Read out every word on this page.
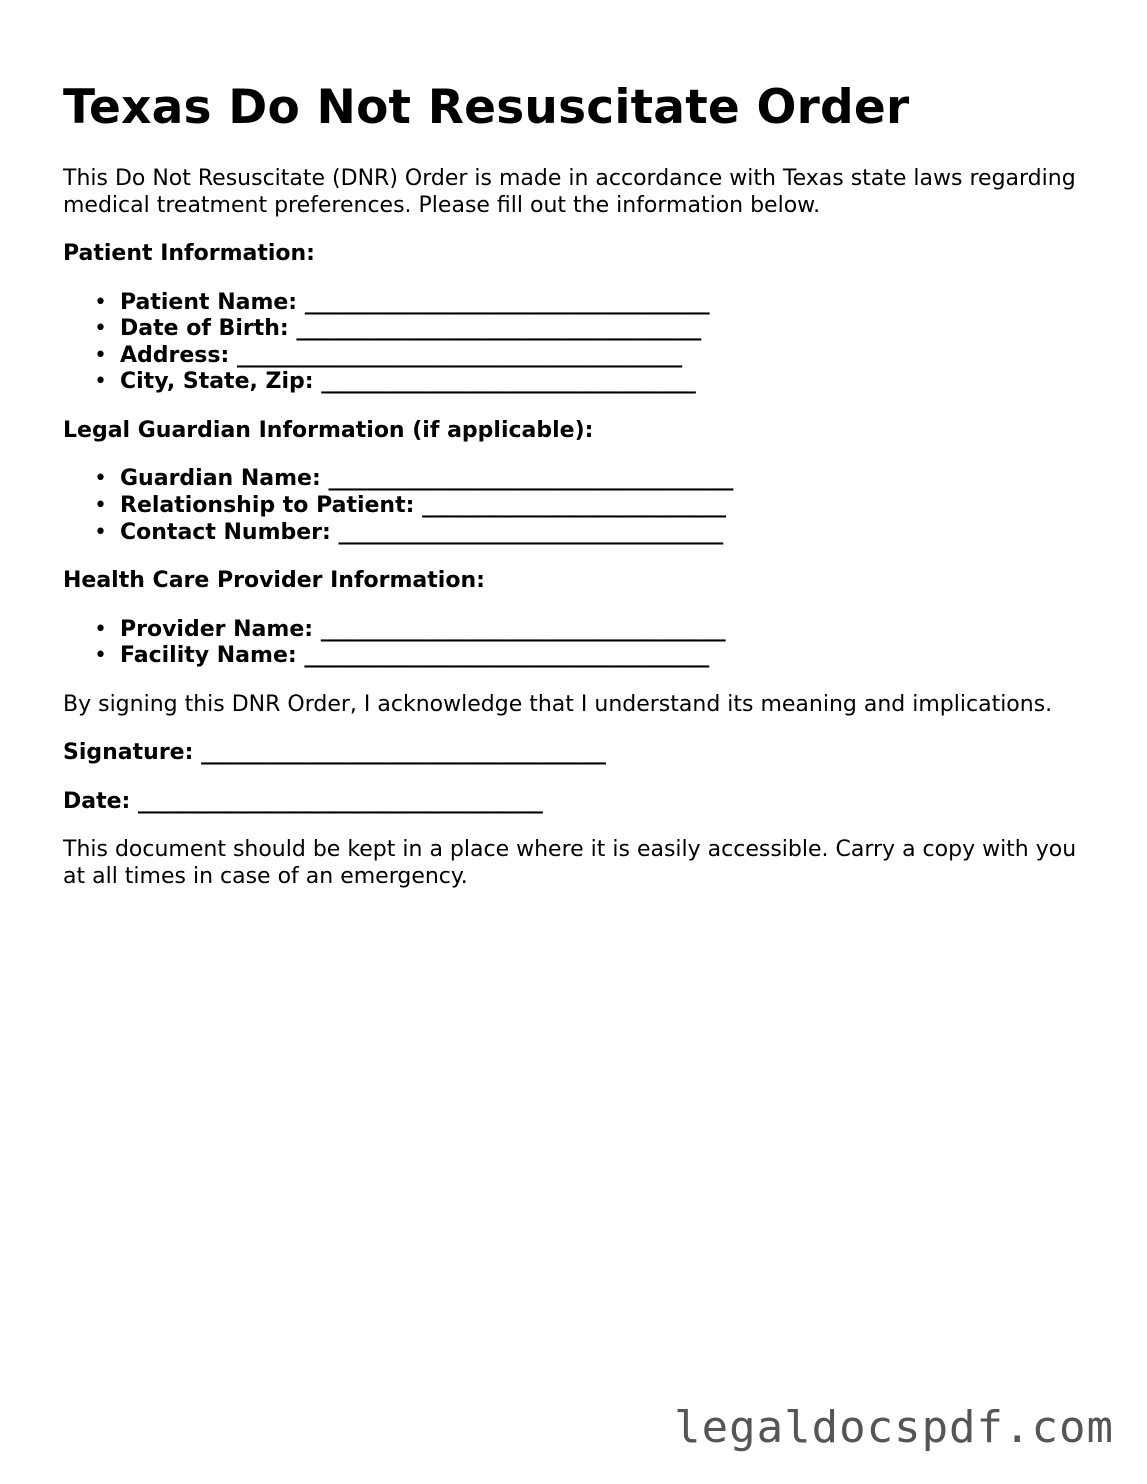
Texas Do Not Resuscitate Order

This Do Not Resuscitate (DNR) Order is made in accordance with Texas state laws regarding medical treatment preferences. Please fill out the information below.

Patient Information:

• Patient Name: ________________________________________
• Date of Birth: ________________________________________
• Address: ____________________________________________
• City, State, Zip: _____________________________________

Legal Guardian Information (if applicable):

• Guardian Name: ________________________________________
• Relationship to Patient: ______________________________
• Contact Number: ______________________________________

Health Care Provider Information:

• Provider Name: ________________________________________
• Facility Name: ________________________________________

By signing this DNR Order, I acknowledge that I understand its meaning and implications.

Signature: ________________________________________

Date: ________________________________________

This document should be kept in a place where it is easily accessible. Carry a copy with you at all times in case of an emergency.

legaldocspdf.com
